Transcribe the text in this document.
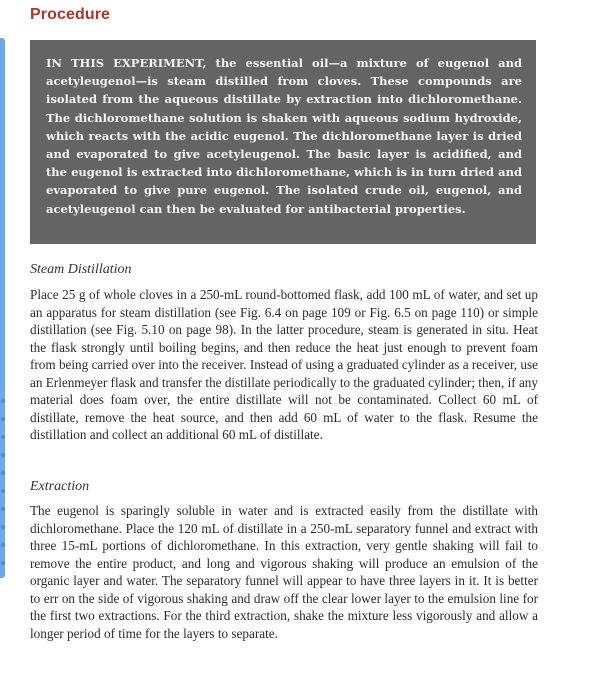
Procedure

IN THIS EXPERIMENT, the essential oil—a mixture of eugenol and acetyleugenol—is steam distilled from cloves. These compounds are isolated from the aqueous distillate by extraction into dichloromethane. The dichloromethane solution is shaken with aqueous sodium hydroxide, which reacts with the acidic eugenol. The dichloromethane layer is dried and evaporated to give acetyleugenol. The basic layer is acidified, and the eugenol is extracted into dichloromethane, which is in turn dried and evaporated to give pure eugenol. The isolated crude oil, eugenol, and acetyleugenol can then be evaluated for antibacterial properties.

Steam Distillation

Place 25 g of whole cloves in a 250-mL round-bottomed flask, add 100 mL of water, and set up an apparatus for steam distillation (see Fig. 6.4 on page 109 or Fig. 6.5 on page 110) or simple distillation (see Fig. 5.10 on page 98). In the latter procedure, steam is generated in situ. Heat the flask strongly until boiling begins, and then reduce the heat just enough to prevent foam from being carried over into the receiver. Instead of using a graduated cylinder as a receiver, use an Erlenmeyer flask and transfer the distillate periodically to the graduated cylinder; then, if any material does foam over, the entire distillate will not be contaminated. Collect 60 mL of distillate, remove the heat source, and then add 60 mL of water to the flask. Resume the distillation and collect an additional 60 mL of distillate.

Extraction

The eugenol is sparingly soluble in water and is extracted easily from the distillate with dichloromethane. Place the 120 mL of distillate in a 250-mL separatory funnel and extract with three 15-mL portions of dichloromethane. In this extraction, very gentle shaking will fail to remove the entire product, and long and vigorous shaking will produce an emulsion of the organic layer and water. The separatory funnel will appear to have three layers in it. It is better to err on the side of vigorous shaking and draw off the clear lower layer to the emulsion line for the first two extractions. For the third extraction, shake the mixture less vigorously and allow a longer period of time for the layers to separate.
